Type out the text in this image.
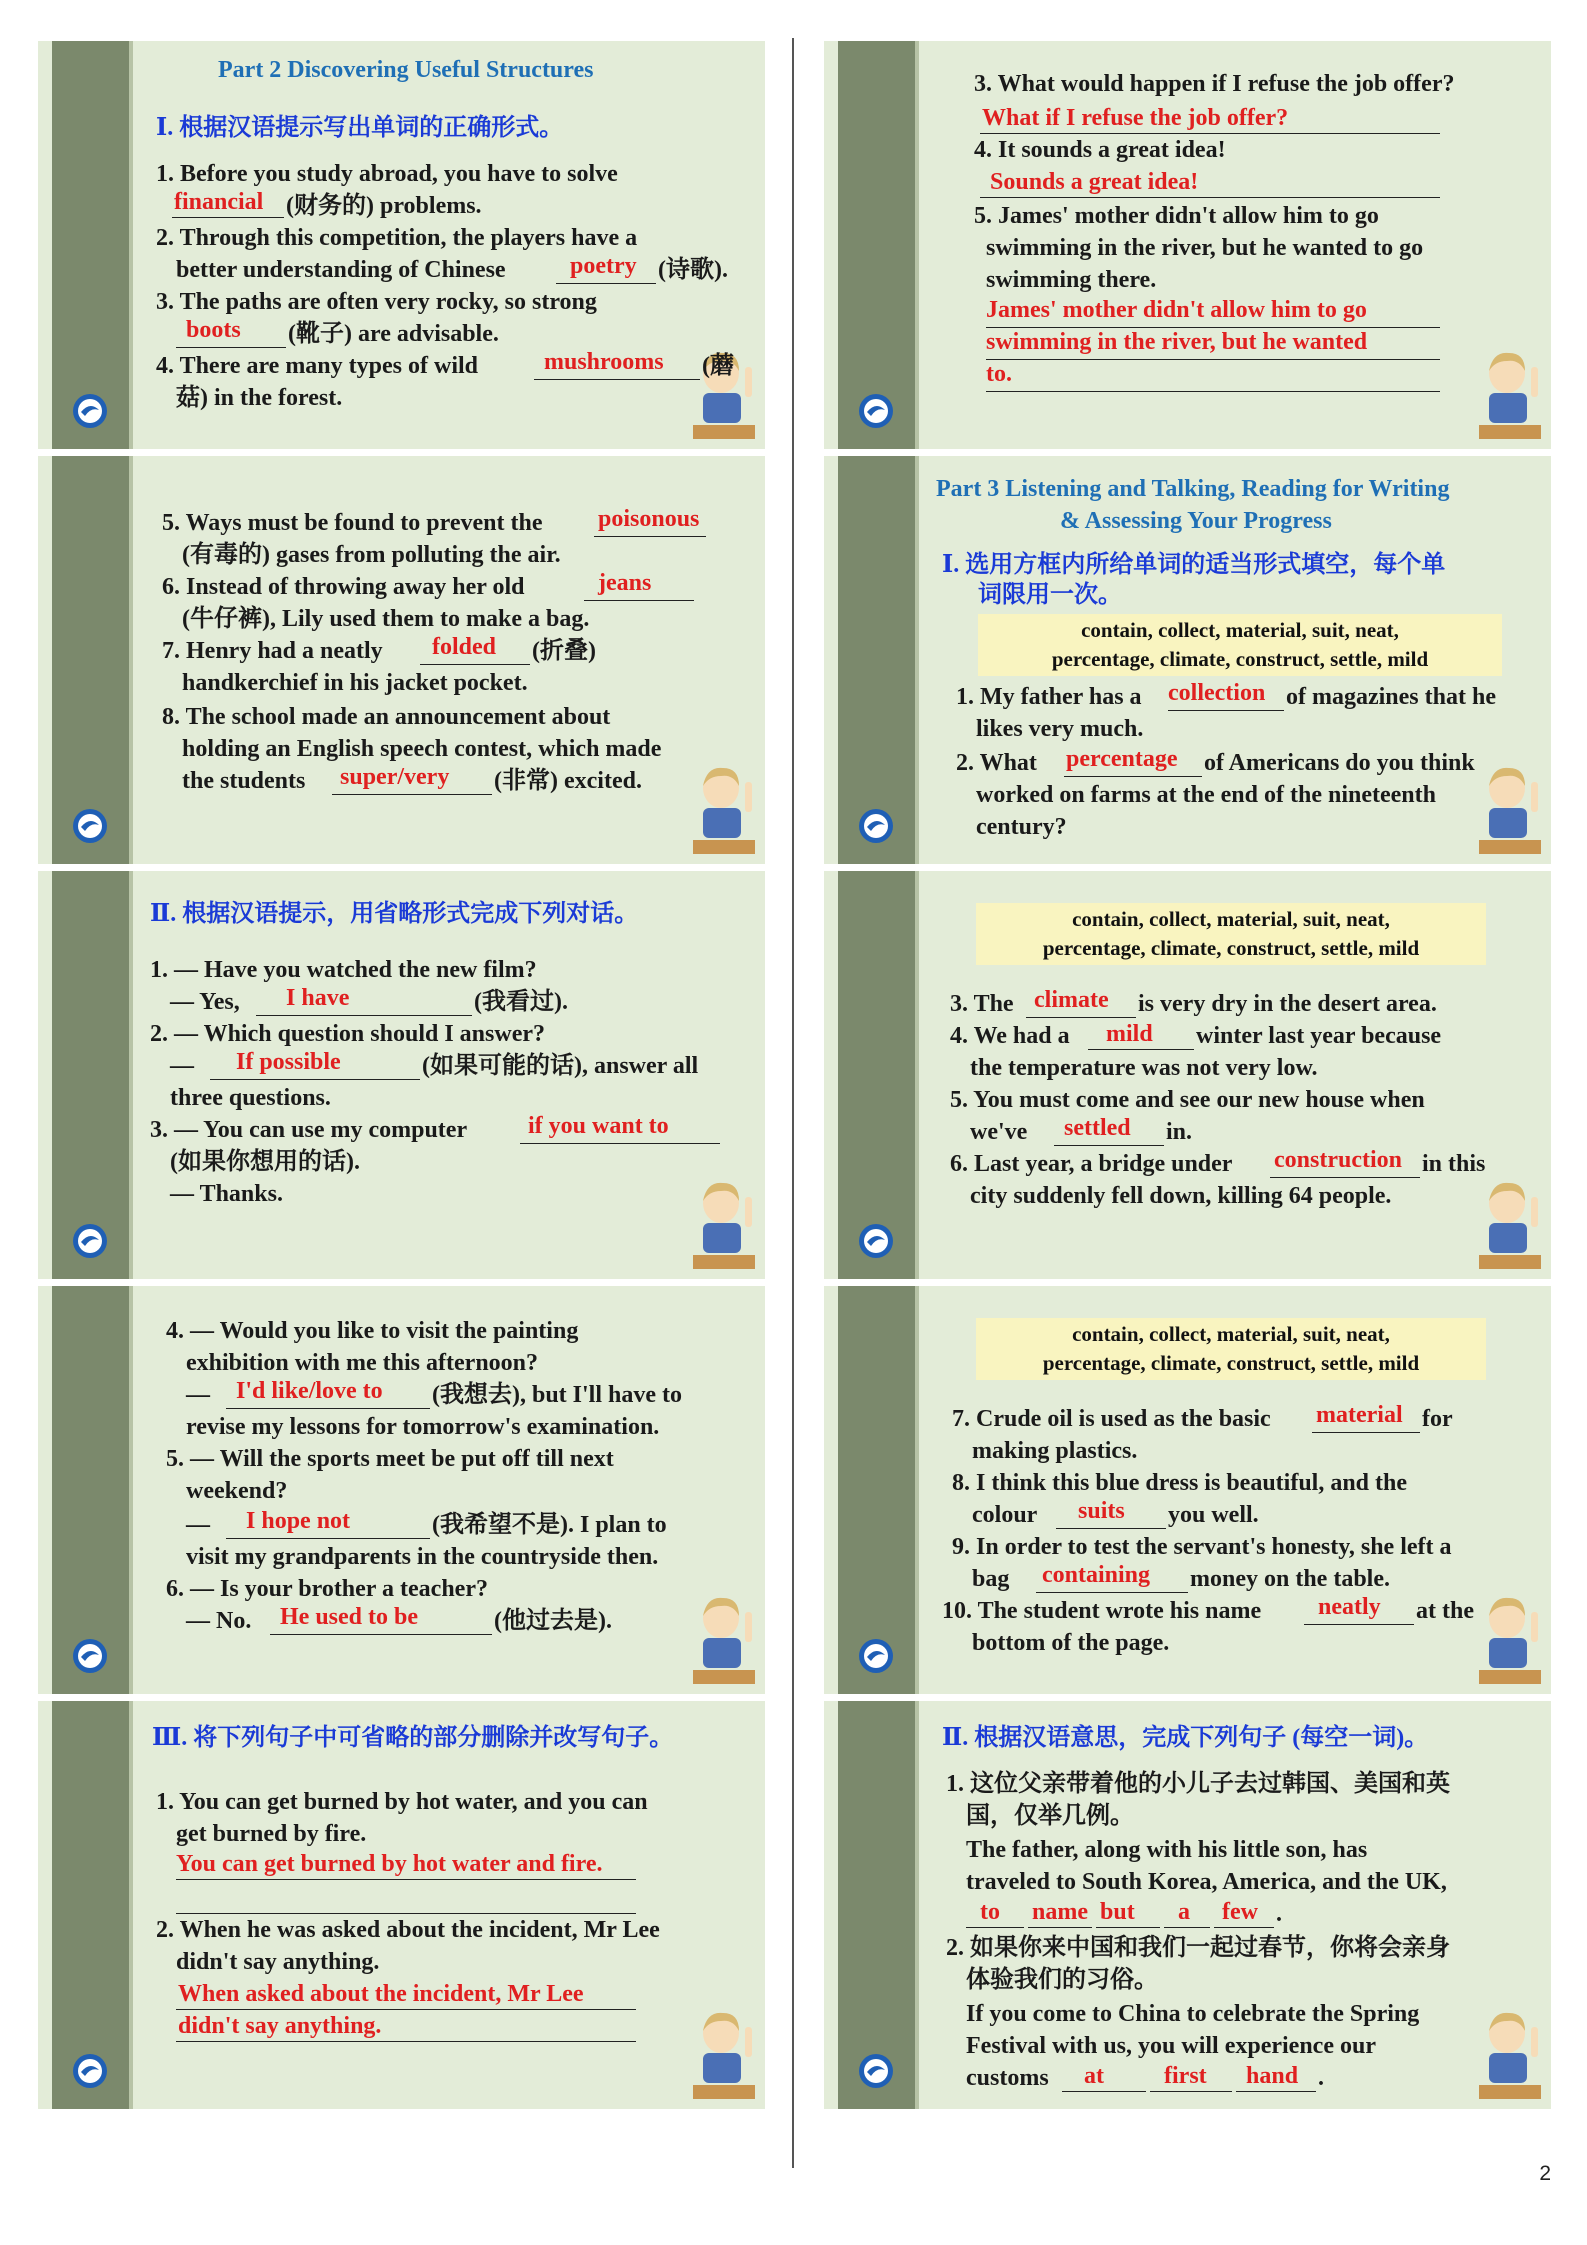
Part 2 Discovering Useful Structures
Ⅰ. 根据汉语提示写出单词的正确形式。
1. Before you study abroad, you have to solve
financial (财务的) problems.
2. Through this competition, the players have a
better understanding of Chinese	poetry (诗歌).
3. The paths are often very rocky, so strong
boots (靴子) are advisable.
4. There are many types of wild	mushrooms (蘑
菇) in the forest.
5. Ways must be found to prevent the poisonous
(有毒的) gases from polluting the air.
6. Instead of throwing away her old	jeans
(牛仔裤), Lily used them to make a bag.
7. Henry had a neatly folded (折叠)
handkerchief in his jacket pocket.
8. The school made an announcement about
holding an English speech contest, which made
the students super/very (非常) excited.
Ⅱ. 根据汉语提示，用省略形式完成下列对话。
1. — Have you watched the new film?
— Yes, I have	(我看过).
2. — Which question should I answer?
— If possible	(如果可能的话), answer all
three questions.
3. — You can use my computer	if you want to
(如果你想用的话).
— Thanks.
4. — Would you like to visit the painting
exhibition with me this afternoon?
— I'd like/love to (我想去), but I'll have to
revise my lessons for tomorrow's examination.
5. — Will the sports meet be put off till next
weekend?
— I hope not	(我希望不是). I plan to
visit my grandparents in the countryside then.
6. — Is your brother a teacher?
— No. He used to be	(他过去是).
Ⅲ. 将下列句子中可省略的部分删除并改写句子。
1. You can get burned by hot water, and you can
get burned by fire.
You can get burned by hot water and fire.
2. When he was asked about the incident, Mr Lee
didn't say anything.
When asked about the incident, Mr Lee
didn't say anything.
3. What would happen if I refuse the job offer?
What if I refuse the job offer?
4. It sounds a great idea!
Sounds a great idea!
5. James' mother didn't allow him to go
swimming in the river, but he wanted to go
swimming there.
James' mother didn't allow him to go
swimming in the river, but he wanted
to.
Part 3 Listening and Talking, Reading for Writing
& Assessing Your Progress
Ⅰ. 选用方框内所给单词的适当形式填空，每个单
词限用一次。
contain, collect, material, suit, neat,
percentage, climate, construct, settle, mild
1. My father has a collection of magazines that he
likes very much.
2. What percentage of Americans do you think
worked on farms at the end of the nineteenth
century?
contain, collect, material, suit, neat,
percentage, climate, construct, settle, mild
3. The climate is very dry in the desert area.
4. We had a mild winter last year because
the temperature was not very low.
5. You must come and see our new house when
we've settled in.
6. Last year, a bridge under construction in this
city suddenly fell down, killing 64 people.
contain, collect, material, suit, neat,
percentage, climate, construct, settle, mild
7. Crude oil is used as the basic material for
making plastics.
8. I think this blue dress is beautiful, and the
colour suits you well.
9. In order to test the servant's honesty, she left a
bag containing money on the table.
10. The student wrote his name neatly at the
bottom of the page.
Ⅱ. 根据汉语意思，完成下列句子 (每空一词)。
1. 这位父亲带着他的小儿子去过韩国、美国和英
国，仅举几例。
The father, along with his little son, has
traveled to South Korea, America, and the UK,
to name but a few .
2. 如果你来中国和我们一起过春节，你将会亲身
体验我们的习俗。
If you come to China to celebrate the Spring
Festival with us, you will experience our
customs at	first hand .
2
